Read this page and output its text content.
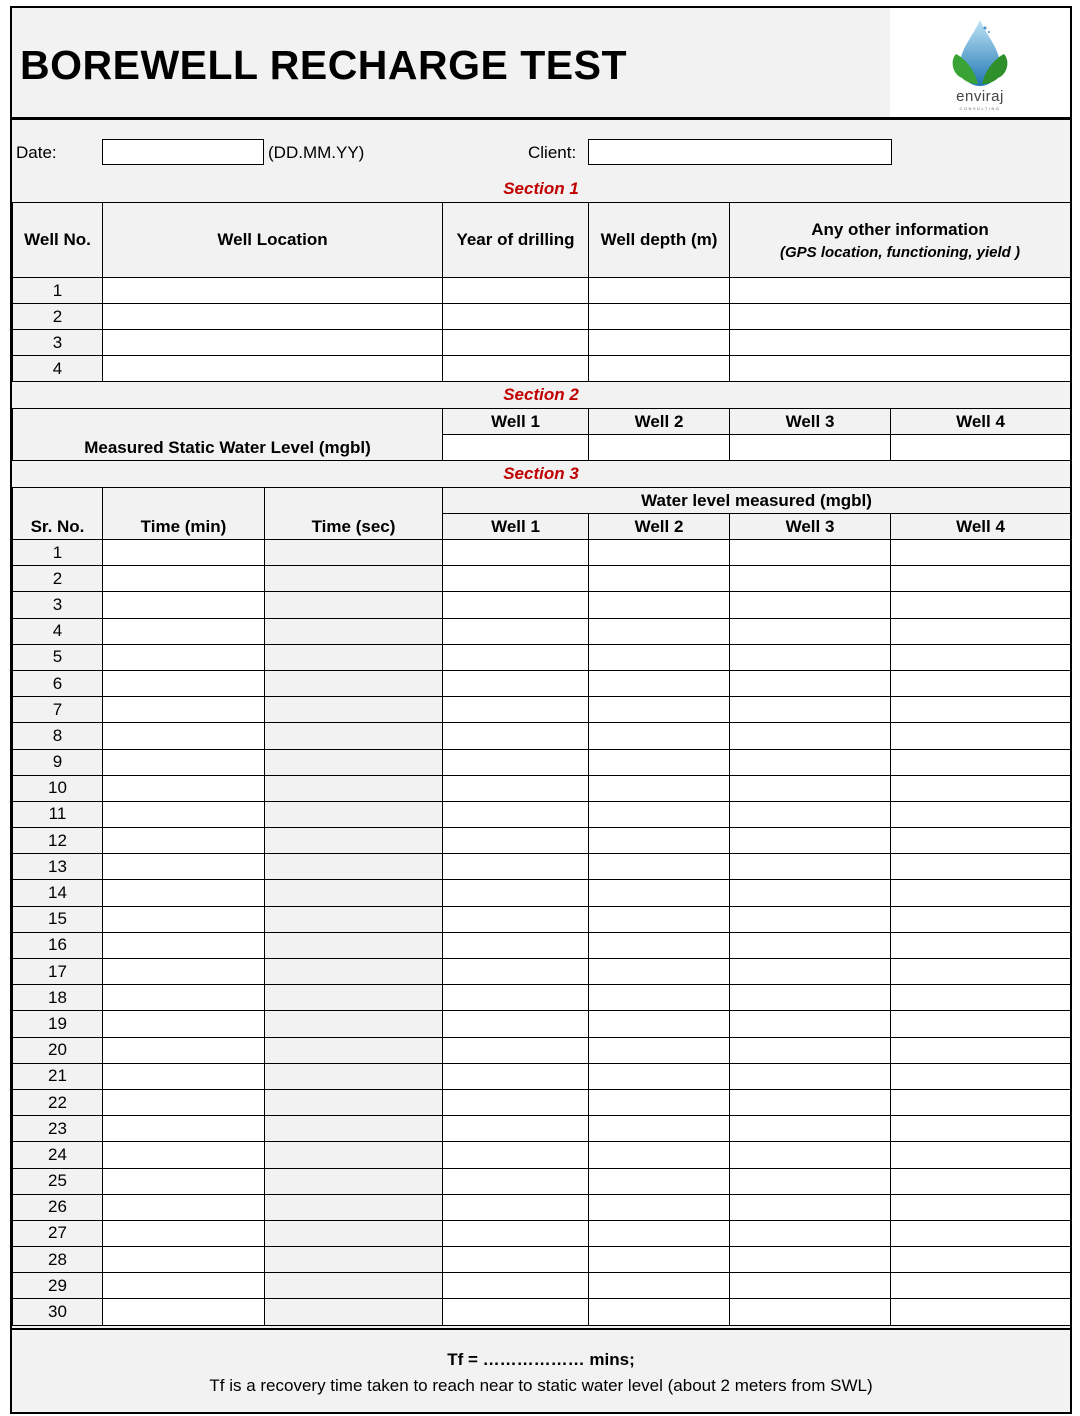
BOREWELL RECHARGE TEST
enviraj
CONSULTING
Date:	(DD.MM.YY)	Client:
Section 1
Well No.	Well Location	Year of drilling	Well depth (m)	Any other information
(GPS location, functioning, yield )

1				
2				
3				
4				
Section 2
Measured Static Water Level (mgbl)	Well 1	Well 2	Well 3	Well 4

Section 3
Sr. No.	Time (min)	Time (sec)	Water level measured (mgbl)			
			Well 1	Well 2	Well 3	Well 4
1						
2						
3						
4						
5						
6						
7						
8						
9						
10						
11						
12						
13						
14						
15						
16						
17						
18						
19						
20						
21						
22						
23						
24						
25						
26						
27						
28						
29						
30						
Tf = ……………… mins;
Tf is a recovery time taken to reach near to static water level (about 2 meters from SWL)
